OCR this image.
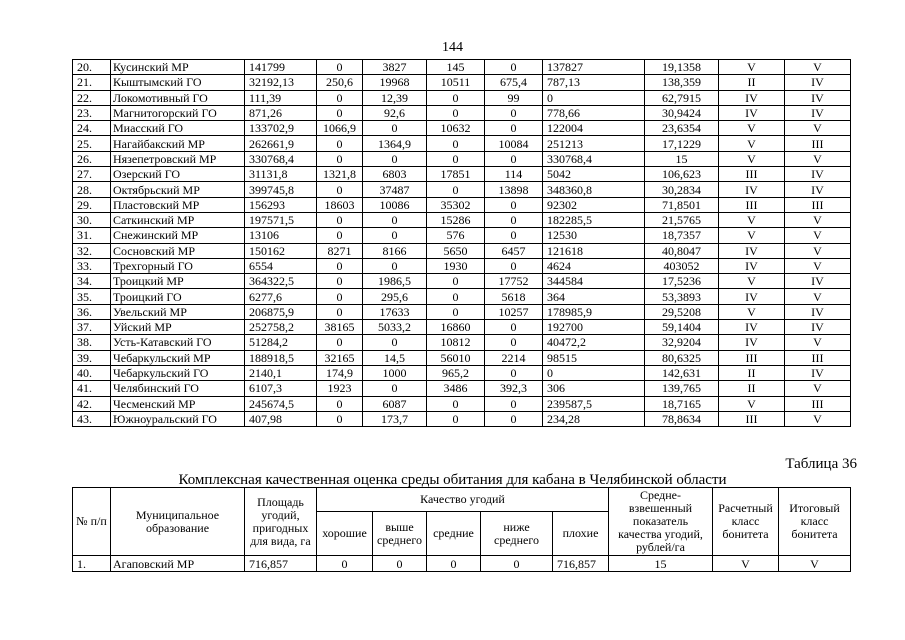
144
20.	Кусинский МР	141799	0	3827	145	0	137827	19,1358	V	V
21.	Кыштымский ГО	32192,13	250,6	19968	10511	675,4	787,13	138,359	II	IV
22.	Локомотивный ГО	111,39	0	12,39	0	99	0	62,7915	IV	IV
23.	Магнитогорский ГО	871,26	0	92,6	0	0	778,66	30,9424	IV	IV
24.	Миасский ГО	133702,9	1066,9	0	10632	0	122004	23,6354	V	V
25.	Нагайбакский МР	262661,9	0	1364,9	0	10084	251213	17,1229	V	III
26.	Нязепетровский МР	330768,4	0	0	0	0	330768,4	15	V	V
27.	Озерский ГО	31131,8	1321,8	6803	17851	114	5042	106,623	III	IV
28.	Октябрьский МР	399745,8	0	37487	0	13898	348360,8	30,2834	IV	IV
29.	Пластовский МР	156293	18603	10086	35302	0	92302	71,8501	III	III
30.	Саткинский МР	197571,5	0	0	15286	0	182285,5	21,5765	V	V
31.	Снежинский МР	13106	0	0	576	0	12530	18,7357	V	V
32.	Сосновский МР	150162	8271	8166	5650	6457	121618	40,8047	IV	V
33.	Трехгорный ГО	6554	0	0	1930	0	4624	403052	IV	V
34.	Троицкий МР	364322,5	0	1986,5	0	17752	344584	17,5236	V	IV
35.	Троицкий ГО	6277,6	0	295,6	0	5618	364	53,3893	IV	V
36.	Увельский МР	206875,9	0	17633	0	10257	178985,9	29,5208	V	IV
37.	Уйский МР	252758,2	38165	5033,2	16860	0	192700	59,1404	IV	IV
38.	Усть-Катавский ГО	51284,2	0	0	10812	0	40472,2	32,9204	IV	V
39.	Чебаркульский МР	188918,5	32165	14,5	56010	2214	98515	80,6325	III	III
40.	Чебаркульский ГО	2140,1	174,9	1000	965,2	0	0	142,631	II	IV
41.	Челябинский ГО	6107,3	1923	0	3486	392,3	306	139,765	II	V
42.	Чесменский МР	245674,5	0	6087	0	0	239587,5	18,7165	V	III
43.	Южноуральский ГО	407,98	0	173,7	0	0	234,28	78,8634	III	V
Таблица 36
Комплексная качественная оценка среды обитания для кабана в Челябинской области
№ п/п	Муниципальное образование	Площадь угодий, пригодных для вида, га	Качество угодий					Средне-взвешенный показатель качества угодий, рублей/га	Расчетный класс бонитета	Итоговый класс бонитета
			хорошие	выше среднего	средние	ниже среднего	плохие			
1.	Агаповский МР	716,857	0	0	0	0	716,857	15	V	V
